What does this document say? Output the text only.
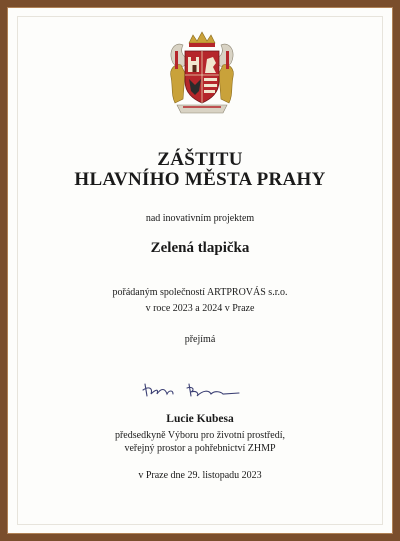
ZÁŠTITU
HLAVNÍHO MĚSTA PRAHY
nad inovativním projektem
Zelená tlapička
pořádaným společností ARTPROVÁS s.r.o.
v roce 2023 a 2024 v Praze
přejímá
Lucie Kubesa
předsedkyně Výboru pro životní prostředí,
veřejný prostor a pohřebnictví ZHMP
v Praze dne 29. listopadu 2023
